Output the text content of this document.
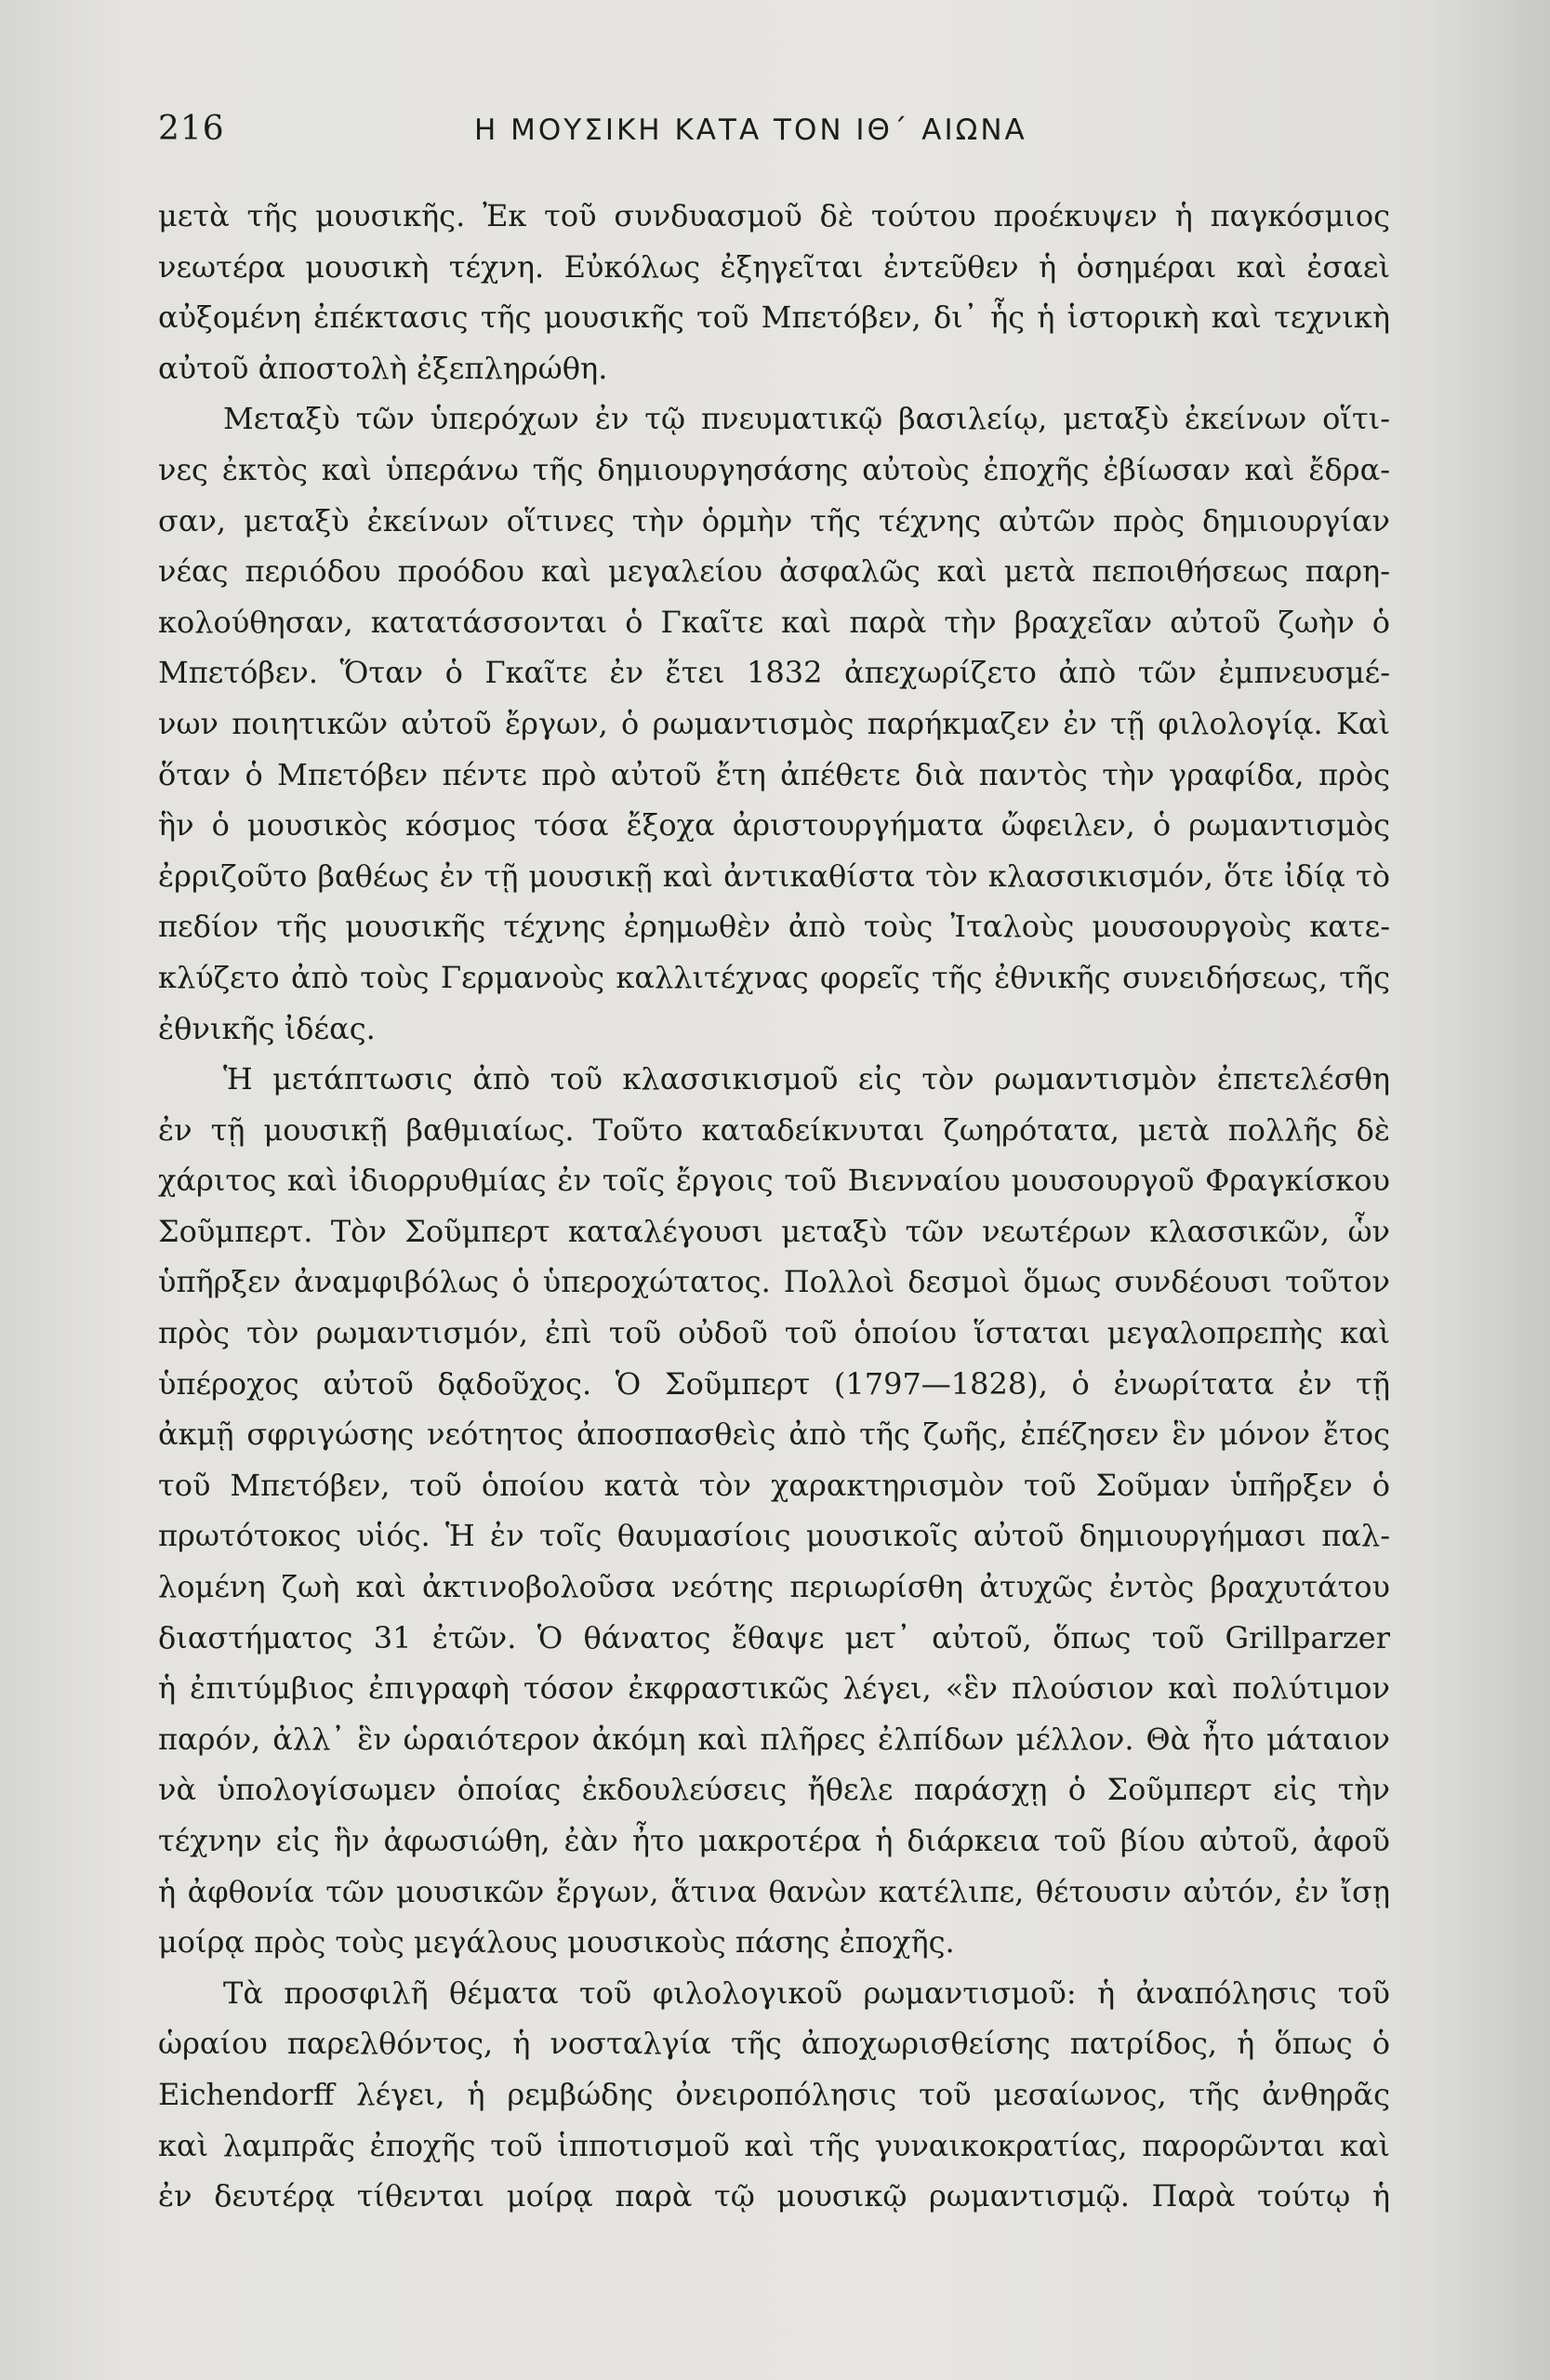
216	Η ΜΟΥΣΙΚΗ ΚΑΤΑ ΤΟΝ ΙΘ΄ ΑΙΩΝΑ
μετὰ τῆς μουσικῆς. Ἐκ τοῦ συνδυασμοῦ δὲ τούτου προέκυψεν ἡ παγκόσμιος
νεωτέρα μουσικὴ τέχνη. Εὐκόλως ἐξηγεῖται ἐντεῦθεν ἡ ὁσημέραι καὶ ἐσαεὶ
αὐξομένη ἐπέκτασις τῆς μουσικῆς τοῦ Μπετόβεν, δι᾽ ἧς ἡ ἱστορικὴ καὶ τεχνικὴ
αὐτοῦ ἀποστολὴ ἐξεπληρώθη.
Μεταξὺ τῶν ὑπερόχων ἐν τῷ πνευματικῷ βασιλείῳ, μεταξὺ ἐκείνων οἵτι-
νες ἐκτὸς καὶ ὑπεράνω τῆς δημιουργησάσης αὐτοὺς ἐποχῆς ἐβίωσαν καὶ ἔδρα-
σαν, μεταξὺ ἐκείνων οἵτινες τὴν ὁρμὴν τῆς τέχνης αὐτῶν πρὸς δημιουργίαν
νέας περιόδου προόδου καὶ μεγαλείου ἀσφαλῶς καὶ μετὰ πεποιθήσεως παρη-
κολούθησαν, κατατάσσονται ὁ Γκαῖτε καὶ παρὰ τὴν βραχεῖαν αὐτοῦ ζωὴν ὁ
Μπετόβεν. Ὅταν ὁ Γκαῖτε ἐν ἔτει 1832 ἀπεχωρίζετο ἀπὸ τῶν ἐμπνευσμέ-
νων ποιητικῶν αὐτοῦ ἔργων, ὁ ρωμαντισμὸς παρήκμαζεν ἐν τῇ φιλολογίᾳ. Καὶ
ὅταν ὁ Μπετόβεν πέντε πρὸ αὐτοῦ ἔτη ἀπέθετε διὰ παντὸς τὴν γραφίδα, πρὸς
ἣν ὁ μουσικὸς κόσμος τόσα ἔξοχα ἀριστουργήματα ὤφειλεν, ὁ ρωμαντισμὸς
ἐρριζοῦτο βαθέως ἐν τῇ μουσικῇ καὶ ἀντικαθίστα τὸν κλασσικισμόν, ὅτε ἰδίᾳ τὸ
πεδίον τῆς μουσικῆς τέχνης ἐρημωθὲν ἀπὸ τοὺς Ἰταλοὺς μουσουργοὺς κατε-
κλύζετο ἀπὸ τοὺς Γερμανοὺς καλλιτέχνας φορεῖς τῆς ἐθνικῆς συνειδήσεως, τῆς
ἐθνικῆς ἰδέας.
Ἡ μετάπτωσις ἀπὸ τοῦ κλασσικισμοῦ εἰς τὸν ρωμαντισμὸν ἐπετελέσθη
ἐν τῇ μουσικῇ βαθμιαίως. Τοῦτο καταδείκνυται ζωηρότατα, μετὰ πολλῆς δὲ
χάριτος καὶ ἰδιορρυθμίας ἐν τοῖς ἔργοις τοῦ Βιενναίου μουσουργοῦ Φραγκίσκου
Σοῦμπερτ. Τὸν Σοῦμπερτ καταλέγουσι μεταξὺ τῶν νεωτέρων κλασσικῶν, ὧν
ὑπῆρξεν ἀναμφιβόλως ὁ ὑπεροχώτατος. Πολλοὶ δεσμοὶ ὅμως συνδέουσι τοῦτον
πρὸς τὸν ρωμαντισμόν, ἐπὶ τοῦ οὐδοῦ τοῦ ὁποίου ἵσταται μεγαλοπρεπὴς καὶ
ὑπέροχος αὐτοῦ δᾳδοῦχος. Ὁ Σοῦμπερτ (1797—1828), ὁ ἐνωρίτατα ἐν τῇ
ἀκμῇ σφριγώσης νεότητος ἀποσπασθεὶς ἀπὸ τῆς ζωῆς, ἐπέζησεν ἓν μόνον ἔτος
τοῦ Μπετόβεν, τοῦ ὁποίου κατὰ τὸν χαρακτηρισμὸν τοῦ Σοῦμαν ὑπῆρξεν ὁ
πρωτότοκος υἱός. Ἡ ἐν τοῖς θαυμασίοις μουσικοῖς αὐτοῦ δημιουργήμασι παλ-
λομένη ζωὴ καὶ ἀκτινοβολοῦσα νεότης περιωρίσθη ἀτυχῶς ἐντὸς βραχυτάτου
διαστήματος 31 ἐτῶν. Ὁ θάνατος ἔθαψε μετ᾽ αὐτοῦ, ὅπως τοῦ Grillparzer
ἡ ἐπιτύμβιος ἐπιγραφὴ τόσον ἐκφραστικῶς λέγει, «ἓν πλούσιον καὶ πολύτιμον
παρόν, ἀλλ᾽ ἓν ὡραιότερον ἀκόμη καὶ πλῆρες ἐλπίδων μέλλον. Θὰ ἦτο μάταιον
νὰ ὑπολογίσωμεν ὁποίας ἐκδουλεύσεις ἤθελε παράσχῃ ὁ Σοῦμπερτ εἰς τὴν
τέχνην εἰς ἣν ἀφωσιώθη, ἐὰν ἦτο μακροτέρα ἡ διάρκεια τοῦ βίου αὐτοῦ, ἀφοῦ
ἡ ἀφθονία τῶν μουσικῶν ἔργων, ἅτινα θανὼν κατέλιπε, θέτουσιν αὐτόν, ἐν ἴσῃ
μοίρᾳ πρὸς τοὺς μεγάλους μουσικοὺς πάσης ἐποχῆς.
Τὰ προσφιλῆ θέματα τοῦ φιλολογικοῦ ρωμαντισμοῦ: ἡ ἀναπόλησις τοῦ
ὡραίου παρελθόντος, ἡ νοσταλγία τῆς ἀποχωρισθείσης πατρίδος, ἡ ὅπως ὁ
Eichendorff λέγει, ἡ ρεμβώδης ὀνειροπόλησις τοῦ μεσαίωνος, τῆς ἀνθηρᾶς
καὶ λαμπρᾶς ἐποχῆς τοῦ ἱπποτισμοῦ καὶ τῆς γυναικοκρατίας, παρορῶνται καὶ
ἐν δευτέρᾳ τίθενται μοίρᾳ παρὰ τῷ μουσικῷ ρωμαντισμῷ. Παρὰ τούτῳ ἡ
